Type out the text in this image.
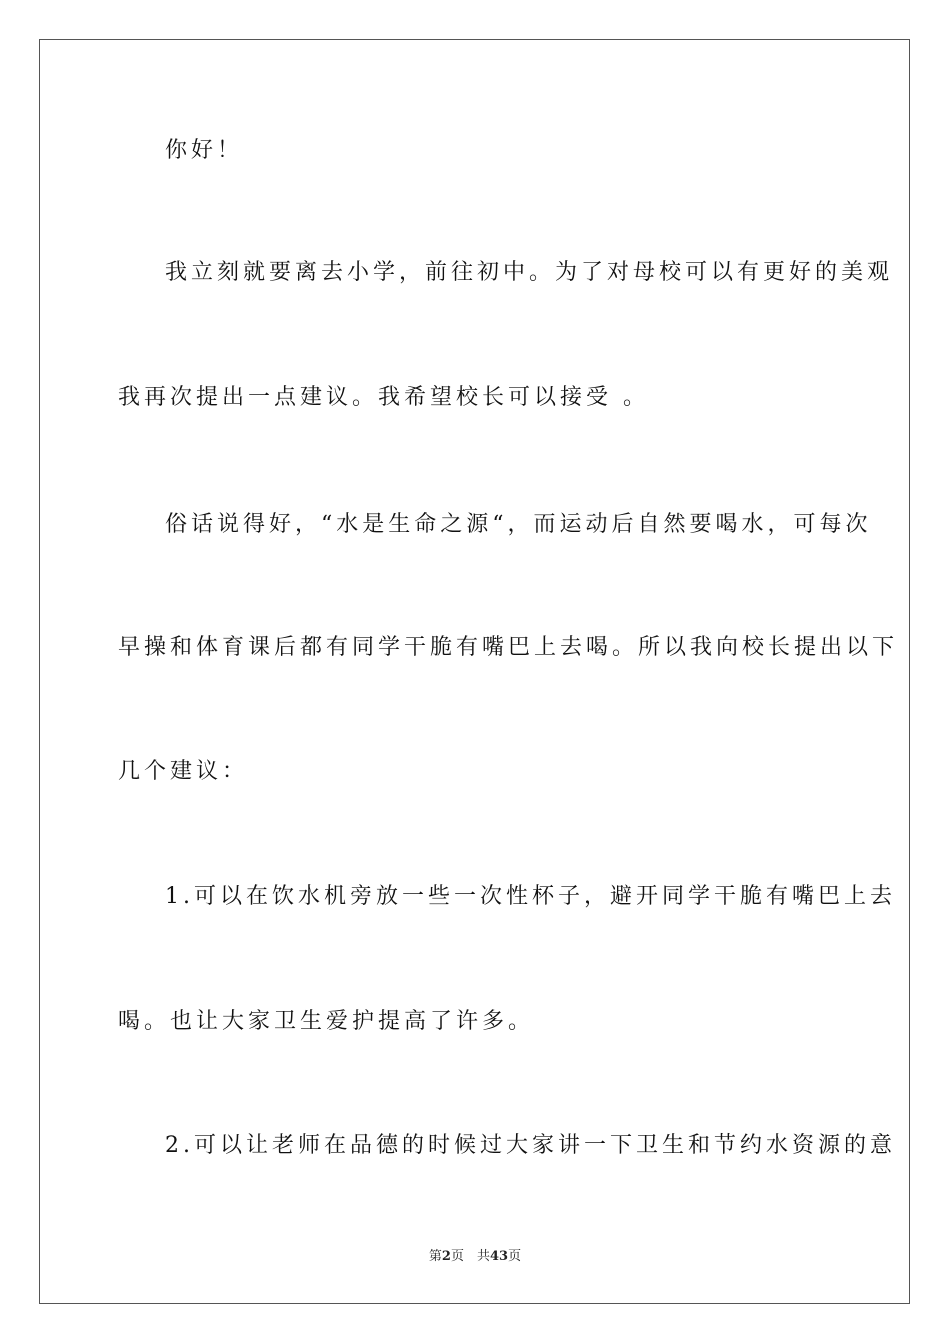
你好！
我立刻就要离去小学，前往初中。为了对母校可以有更好的美观
我再次提出一点建议。我希望校长可以接受 。
俗话说得好，“水是生命之源“，而运动后自然要喝水，可每次
早操和体育课后都有同学干脆有嘴巴上去喝。所以我向校长提出以下
几个建议：
1.可以在饮水机旁放一些一次性杯子，避开同学干脆有嘴巴上去
喝。也让大家卫生爱护提高了许多。
2.可以让老师在品德的时候过大家讲一下卫生和节约水资源的意
第2页　共43页
